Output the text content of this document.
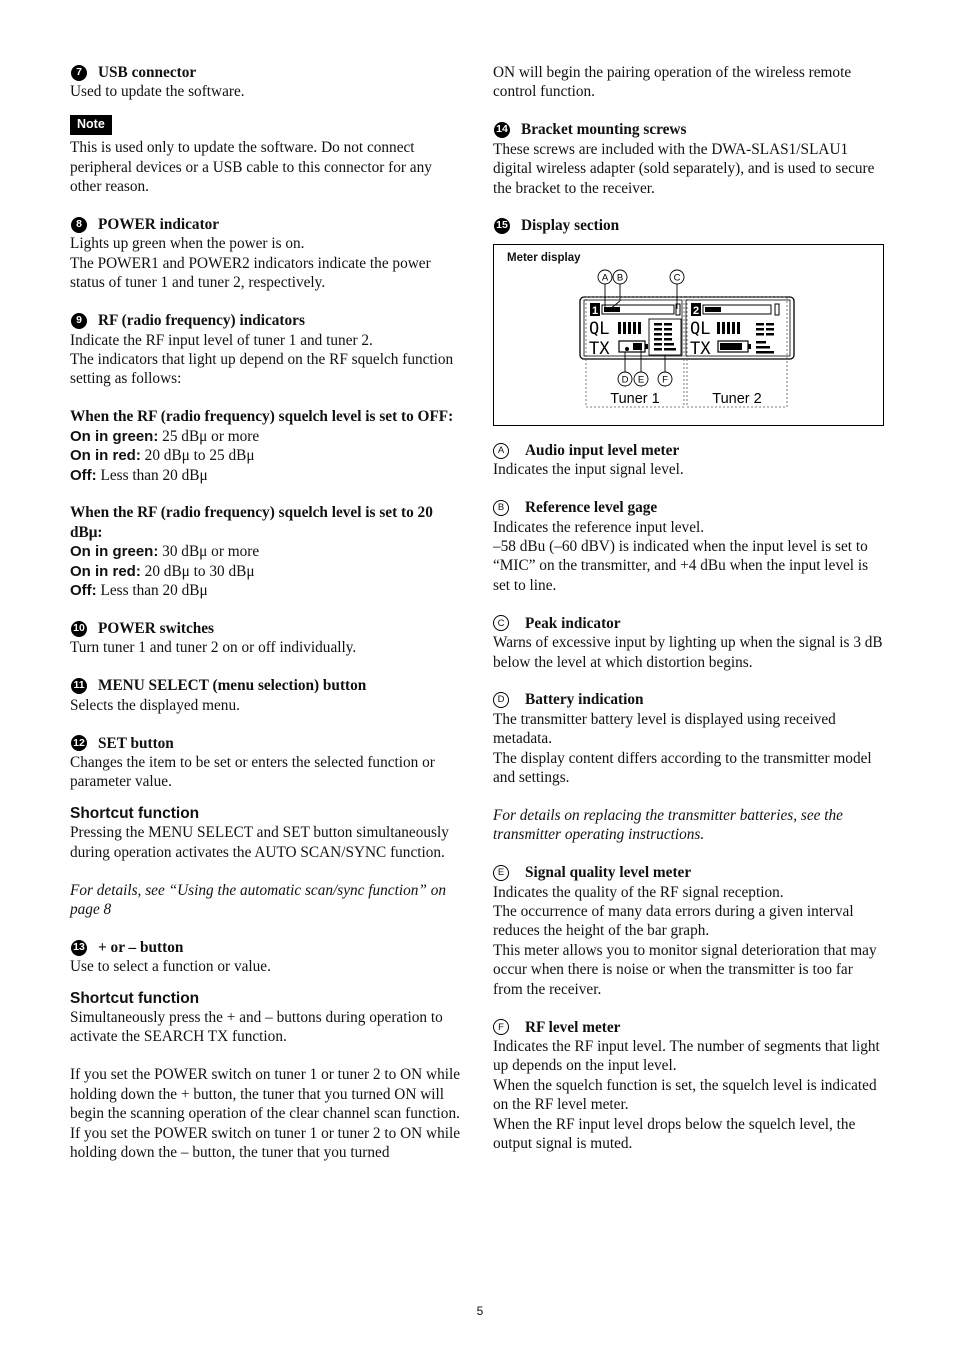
7	USB connector

Used to update the software.

Note

This is used only to update the software. Do not connect peripheral devices or a USB cable to this connector for any other reason.

8	POWER indicator

Lights up green when the power is on.

The POWER1 and POWER2 indicators indicate the power status of tuner 1 and tuner 2, respectively.

9	RF (radio frequency) indicators

Indicate the RF input level of tuner 1 and tuner 2.

The indicators that light up depend on the RF squelch function setting as follows:

When the RF (radio frequency) squelch level is set to OFF:

On in green: 25 dBμ or more

On in red: 20 dBμ to 25 dBμ

Off: Less than 20 dBμ

When the RF (radio frequency) squelch level is set to 20 dBμ:

On in green: 30 dBμ or more

On in red: 20 dBμ to 30 dBμ

Off: Less than 20 dBμ

10 POWER switches

Turn tuner 1 and tuner 2 on or off individually.

11 MENU SELECT (menu selection) button

Selects the displayed menu.

12 SET button

Changes the item to be set or enters the selected function or parameter value.

Shortcut function

Pressing the MENU SELECT and SET button simultaneously during operation activates the AUTO SCAN/SYNC function.

For details, see “Using the automatic scan/sync function” on page 8

13 + or – button

Use to select a function or value.

Shortcut function

Simultaneously press the + and – buttons during operation to activate the SEARCH TX function.

If you set the POWER switch on tuner 1 or tuner 2 to ON while holding down the + button, the tuner that you turned ON will begin the scanning operation of the clear channel scan function.

If you set the POWER switch on tuner 1 or tuner 2 to ON while holding down the – button, the tuner that you turned

ON will begin the pairing operation of the wireless remote control function.

14 Bracket mounting screws

These screws are included with the DWA-SLAS1/SLAU1 digital wireless adapter (sold separately), and is used to secure the bracket to the receiver.

15 Display section
Meter display
A B	C
1	2
QL
TX
QL
TX
D E F
Tuner 1	Tuner 2
A	Audio input level meter

Indicates the input signal level.

B	Reference level gage

Indicates the reference input level.

–58 dBu (–60 dBV) is indicated when the input level is set to “MIC” on the transmitter, and +4 dBu when the input level is set to line.

C Peak indicator

Warns of excessive input by lighting up when the signal is 3 dB below the level at which distortion begins.

D Battery indication

The transmitter battery level is displayed using received metadata.

The display content differs according to the transmitter model and settings.

For details on replacing the transmitter batteries, see the transmitter operating instructions.

E	Signal quality level meter

Indicates the quality of the RF signal reception.

The occurrence of many data errors during a given interval reduces the height of the bar graph.

This meter allows you to monitor signal deterioration that may occur when there is noise or when the transmitter is too far from the receiver.

F	RF level meter

Indicates the RF input level. The number of segments that light up depends on the input level.

When the squelch function is set, the squelch level is indicated on the RF level meter.

When the RF input level drops below the squelch level, the output signal is muted.

5
